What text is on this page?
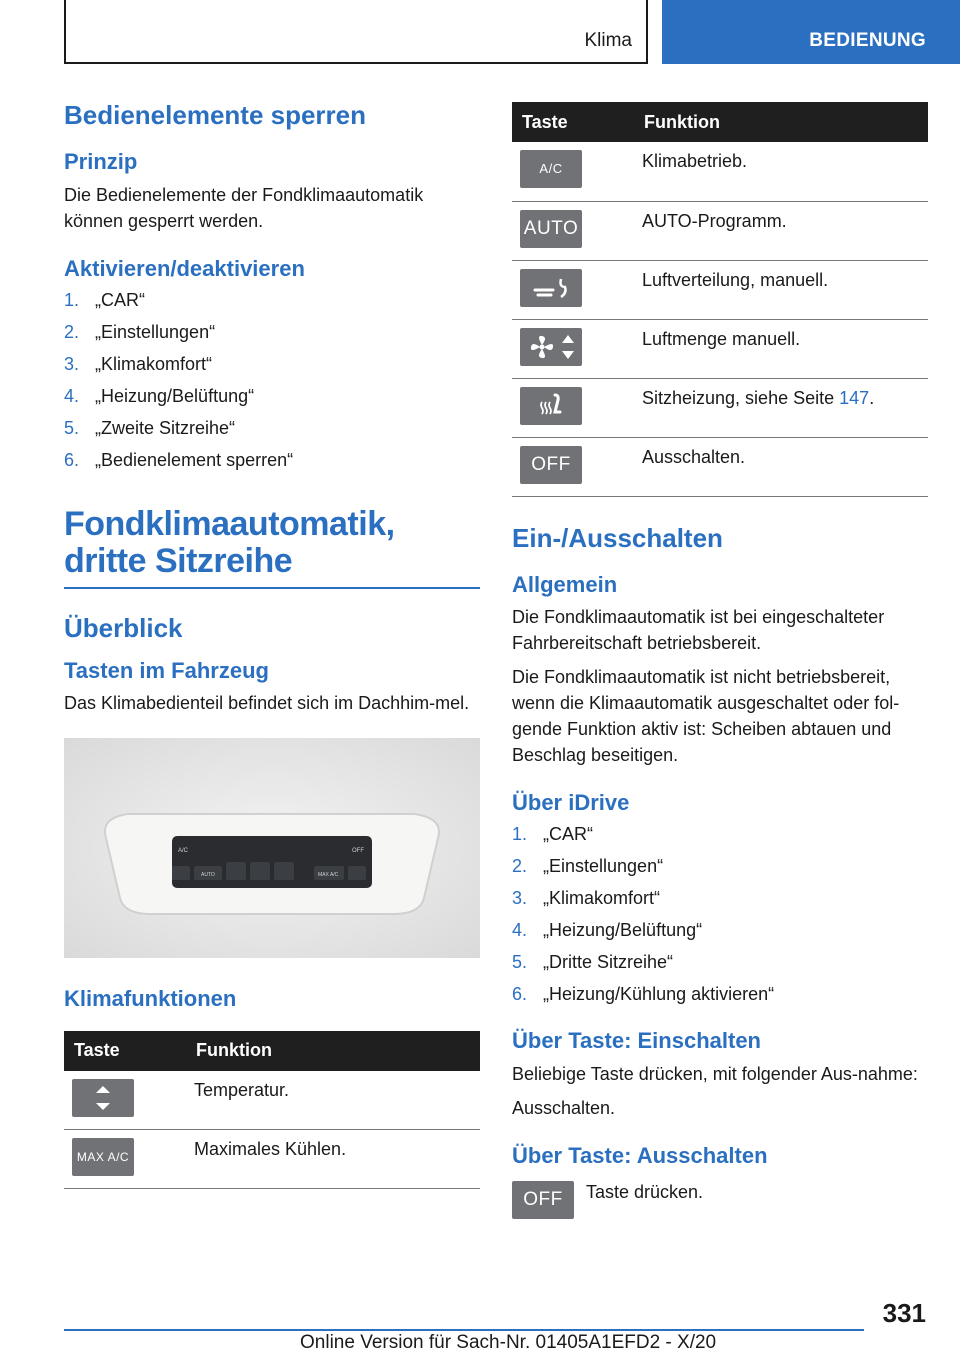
Klima	BEDIENUNG
Bedienelemente sperren
Prinzip

Die Bedienelemente der Fondklimaautomatik können gesperrt werden.

Aktivieren/deaktivieren
1. „CAR“
2. „Einstellungen“
3. „Klimakomfort“
4. „Heizung/Belüftung“
5. „Zweite Sitzreihe“
6. „Bedienelement sperren“
Fondklimaautomatik, dritte Sitzreihe
Überblick
Tasten im Fahrzeug

Das Klimabedienteil befindet sich im Dachhim-mel.

A/C	OFF
AUTO	MAX A/C
Klimafunktionen
Taste	Funktion

	Temperatur.

MAX A/C	Maximales Kühlen.
Taste	Funktion

A/C	Klimabetrieb.

AUTO	AUTO-Programm.

	Luftverteilung, manuell.

	Luftmenge manuell.

	Sitzheizung, siehe Seite 147.

OFF	Ausschalten.
Ein-/Ausschalten
Allgemein

Die Fondklimaautomatik ist bei eingeschalteter Fahrbereitschaft betriebsbereit.

Die Fondklimaautomatik ist nicht betriebsbereit, wenn die Klimaautomatik ausgeschaltet oder fol-gende Funktion aktiv ist: Scheiben abtauen und Beschlag beseitigen.

Über iDrive
1. „CAR“
2. „Einstellungen“
3. „Klimakomfort“
4. „Heizung/Belüftung“
5. „Dritte Sitzreihe“
6. „Heizung/Kühlung aktivieren“
Über Taste: Einschalten

Beliebige Taste drücken, mit folgender Aus-nahme:

Ausschalten.

Über Taste: Ausschalten
OFF	Taste drücken.
331
Online Version für Sach-Nr. 01405A1EFD2 - X/20
